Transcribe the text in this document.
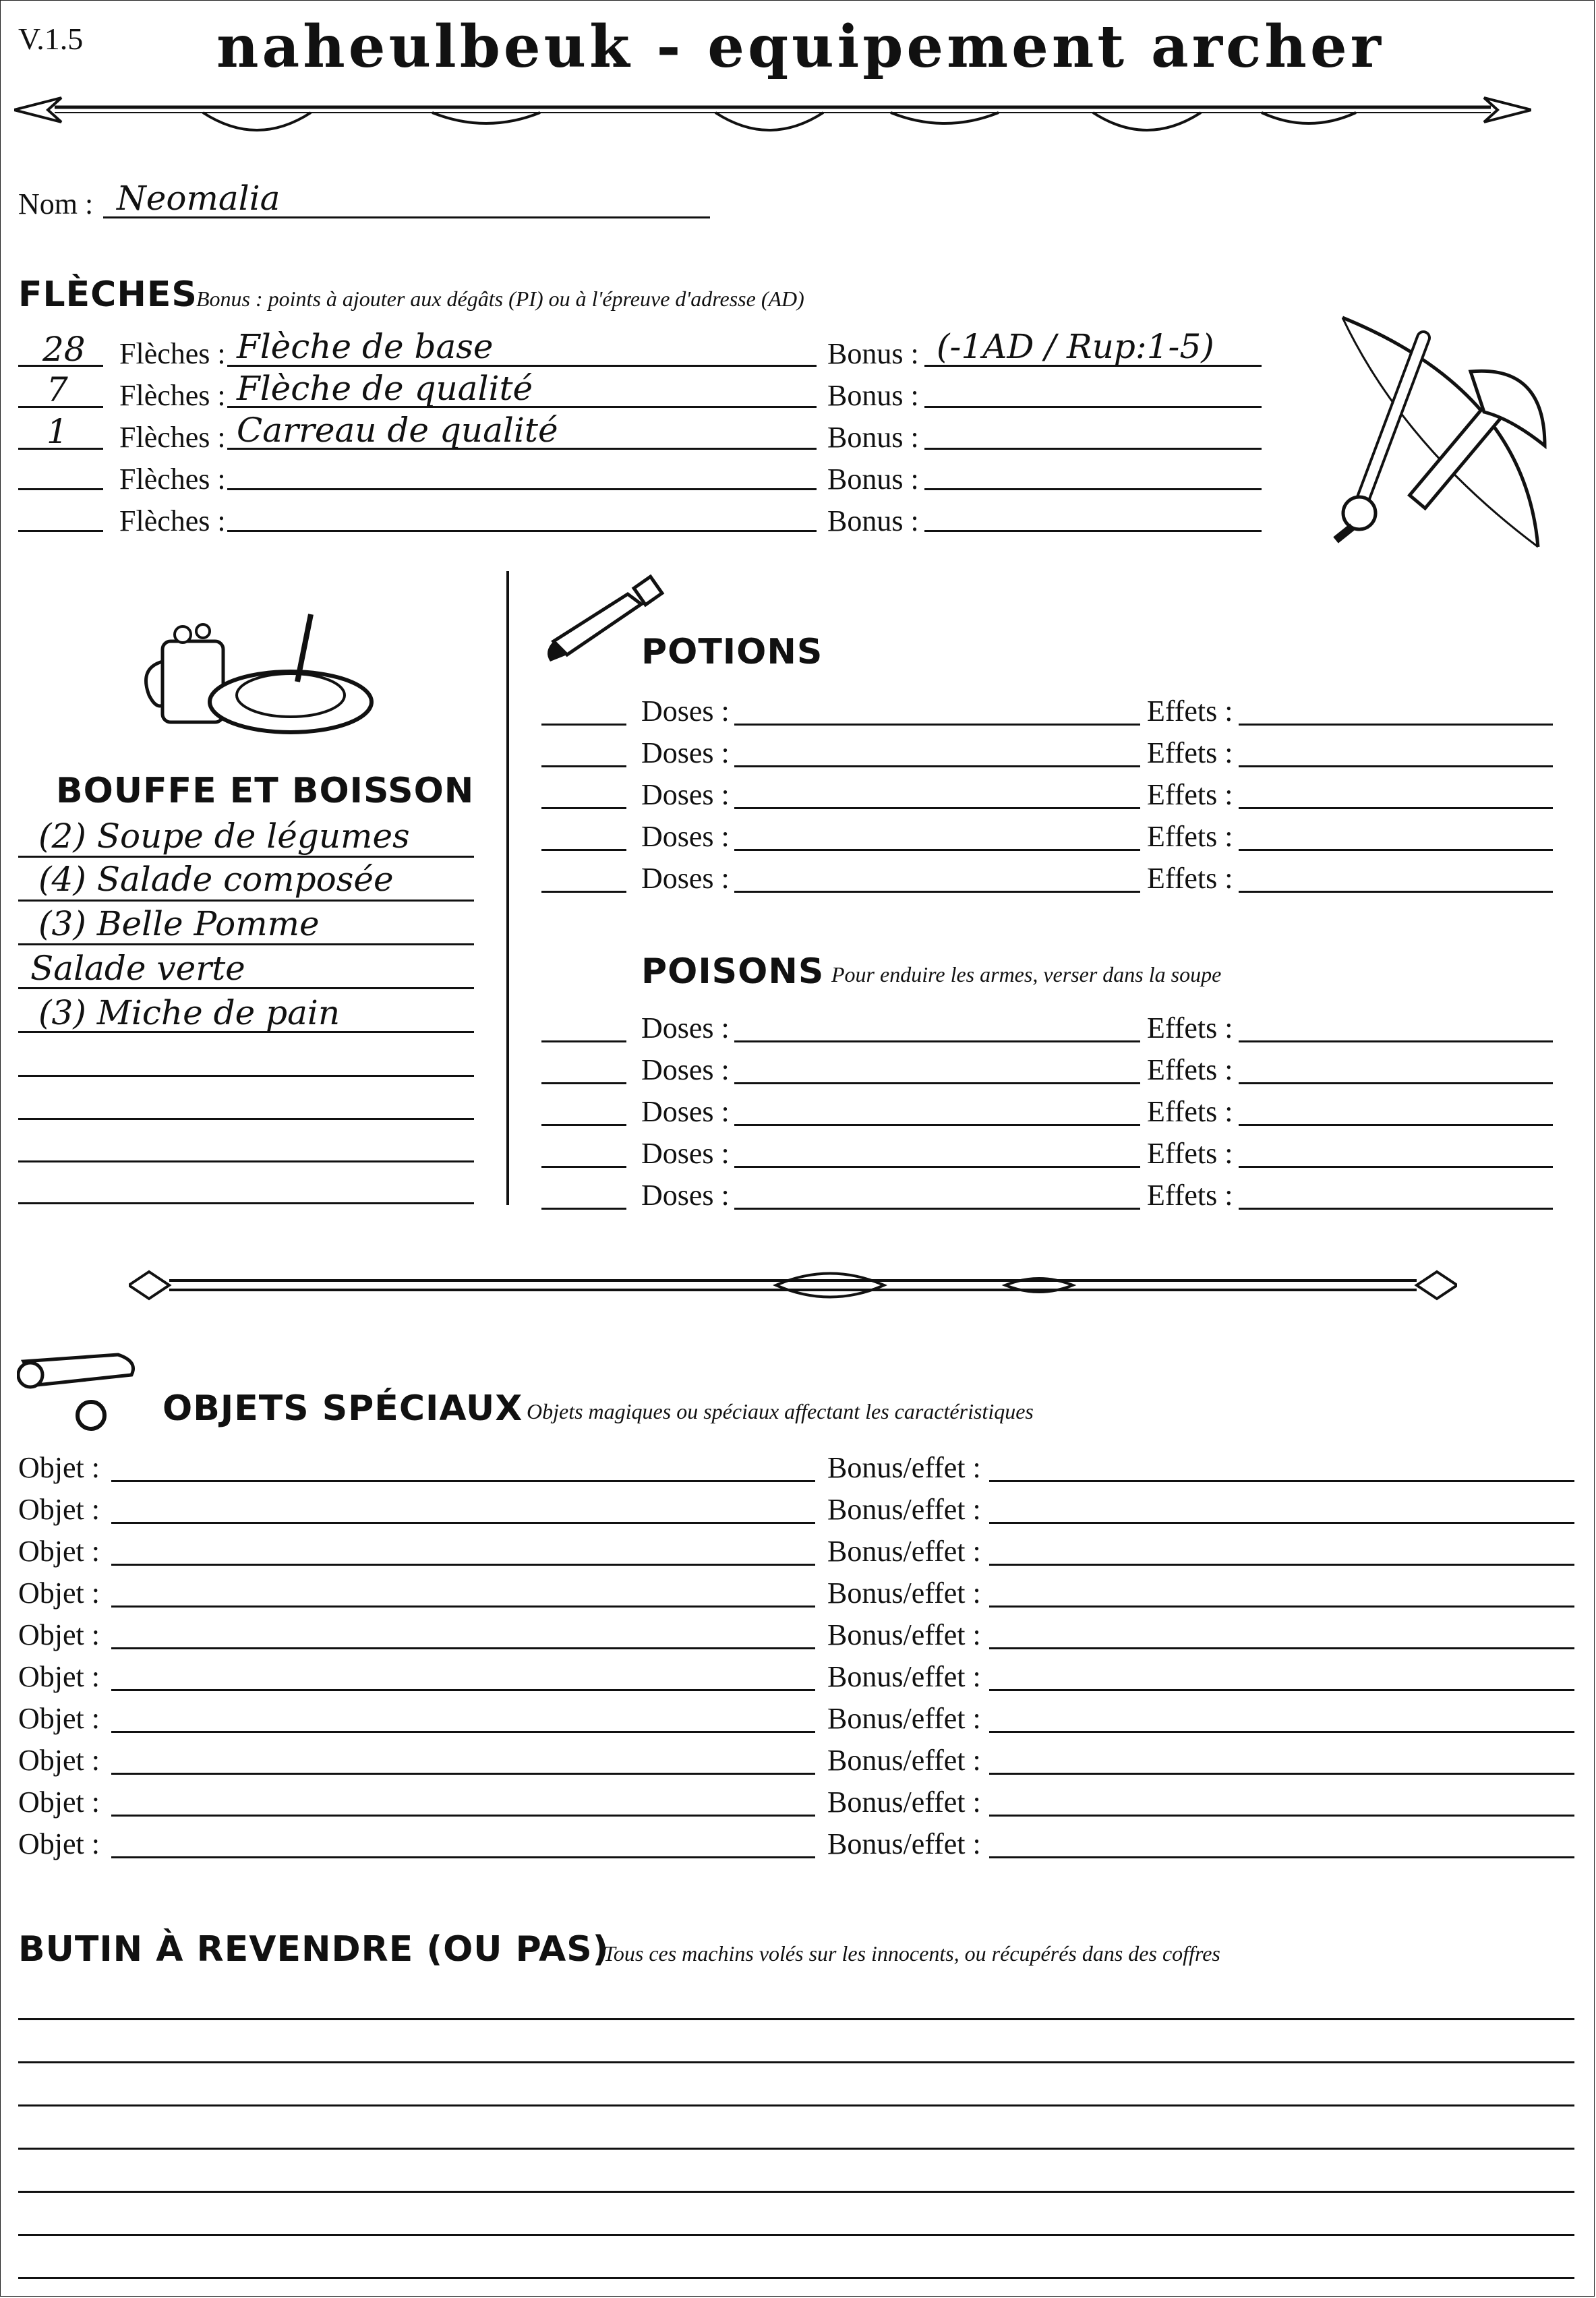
V.1.5 naheulbeuk - equipement archer
Nom : Neomalia
FLÈCHES
Bonus : points à ajouter aux dégâts (PI) ou à l'épreuve d'adresse (AD)
28 Flèches : Flèche de base	Bonus : (-1AD / Rup:1-5)
7 Flèches : Flèche de qualité	Bonus :
1 Flèches : Carreau de qualité	Bonus :
Flèches :	Bonus :
Flèches :	Bonus :
BOUFFE ET BOISSON
(2) Soupe de légumes
(4) Salade composée
(3) Belle Pomme
Salade verte
(3) Miche de pain
POTIONS
Doses :	Effets :
Doses :	Effets :
Doses :	Effets :
Doses :	Effets :
Doses :	Effets :
POISONS Pour enduire les armes, verser dans la soupe
Doses :	Effets :
Doses :	Effets :
Doses :	Effets :
Doses :	Effets :
Doses :	Effets :
OBJETS SPÉCIAUX Objets magiques ou spéciaux affectant les caractéristiques
Objet :	Bonus/effet :
Objet :	Bonus/effet :
Objet :	Bonus/effet :
Objet :	Bonus/effet :
Objet :	Bonus/effet :
Objet :	Bonus/effet :
Objet :	Bonus/effet :
Objet :	Bonus/effet :
Objet :	Bonus/effet :
Objet :	Bonus/effet :
BUTIN À REVENDRE (OU PAS)
Tous ces machins volés sur les innocents, ou récupérés dans des coffres
